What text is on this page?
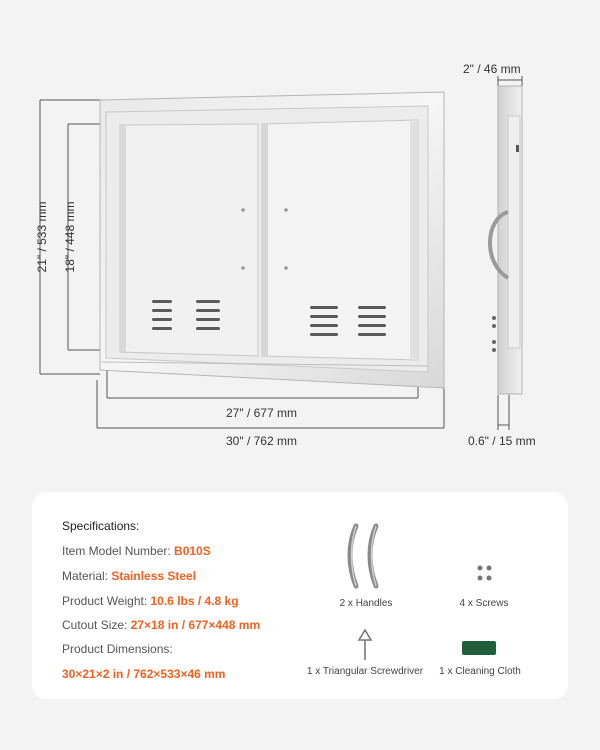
2" / 46 mm
27" / 677 mm
30" / 762 mm	0.6" / 15 mm
21" / 533 mm 18" / 448 mm
Specifications:
Item Model Number: B010S
Material: Stainless Steel
Product Weight: 10.6 lbs / 4.8 kg
Cutout Size: 27×18 in / 677×448 mm
Product Dimensions:
30×21×2 in / 762×533×46 mm
2 x Handles	4 x Screws
1 x Triangular Screwdriver	1 x Cleaning Cloth
